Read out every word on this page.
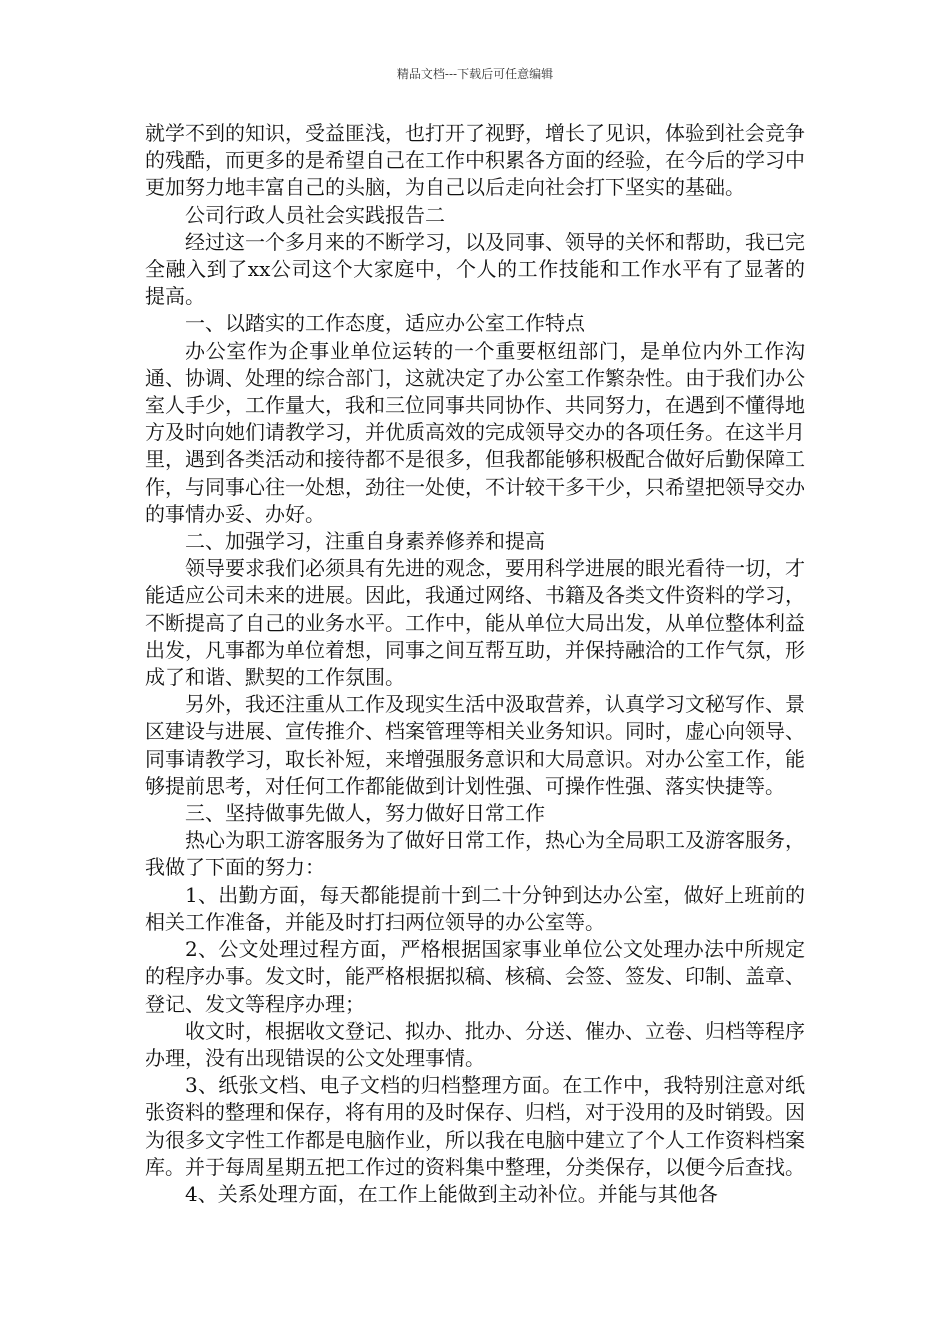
精品文档---下载后可任意编辑

就学不到的知识，受益匪浅，也打开了视野，增长了见识，体验到社会竞争的残酷，而更多的是希望自己在工作中积累各方面的经验，在今后的学习中更加努力地丰富自己的头脑，为自己以后走向社会打下坚实的基础。

公司行政人员社会实践报告二

经过这一个多月来的不断学习，以及同事、领导的关怀和帮助，我已完全融入到了xx公司这个大家庭中，个人的工作技能和工作水平有了显著的提高。

一、以踏实的工作态度，适应办公室工作特点

办公室作为企事业单位运转的一个重要枢纽部门，是单位内外工作沟通、协调、处理的综合部门，这就决定了办公室工作繁杂性。由于我们办公室人手少，工作量大，我和三位同事共同协作、共同努力，在遇到不懂得地方及时向她们请教学习，并优质高效的完成领导交办的各项任务。在这半月里，遇到各类活动和接待都不是很多，但我都能够积极配合做好后勤保障工作，与同事心往一处想，劲往一处使，不计较干多干少，只希望把领导交办的事情办妥、办好。

二、加强学习，注重自身素养修养和提高

领导要求我们必须具有先进的观念，要用科学进展的眼光看待一切，才能适应公司未来的进展。因此，我通过网络、书籍及各类文件资料的学习，不断提高了自己的业务水平。工作中，能从单位大局出发，从单位整体利益出发，凡事都为单位着想，同事之间互帮互助，并保持融洽的工作气氛，形成了和谐、默契的工作氛围。

另外，我还注重从工作及现实生活中汲取营养，认真学习文秘写作、景区建设与进展、宣传推介、档案管理等相关业务知识。同时，虚心向领导、同事请教学习，取长补短，来增强服务意识和大局意识。对办公室工作，能够提前思考，对任何工作都能做到计划性强、可操作性强、落实快捷等。

三、坚持做事先做人，努力做好日常工作

热心为职工游客服务为了做好日常工作，热心为全局职工及游客服务，我做了下面的努力：

1、出勤方面，每天都能提前十到二十分钟到达办公室，做好上班前的相关工作准备，并能及时打扫两位领导的办公室等。

2、公文处理过程方面，严格根据国家事业单位公文处理办法中所规定的程序办事。发文时，能严格根据拟稿、核稿、会签、签发、印制、盖章、登记、发文等程序办理；

收文时，根据收文登记、拟办、批办、分送、催办、立卷、归档等程序办理，没有出现错误的公文处理事情。

3、纸张文档、电子文档的归档整理方面。在工作中，我特别注意对纸张资料的整理和保存，将有用的及时保存、归档，对于没用的及时销毁。因为很多文字性工作都是电脑作业，所以我在电脑中建立了个人工作资料档案库。并于每周星期五把工作过的资料集中整理，分类保存，以便今后查找。

4、关系处理方面，在工作上能做到主动补位。并能与其他各
